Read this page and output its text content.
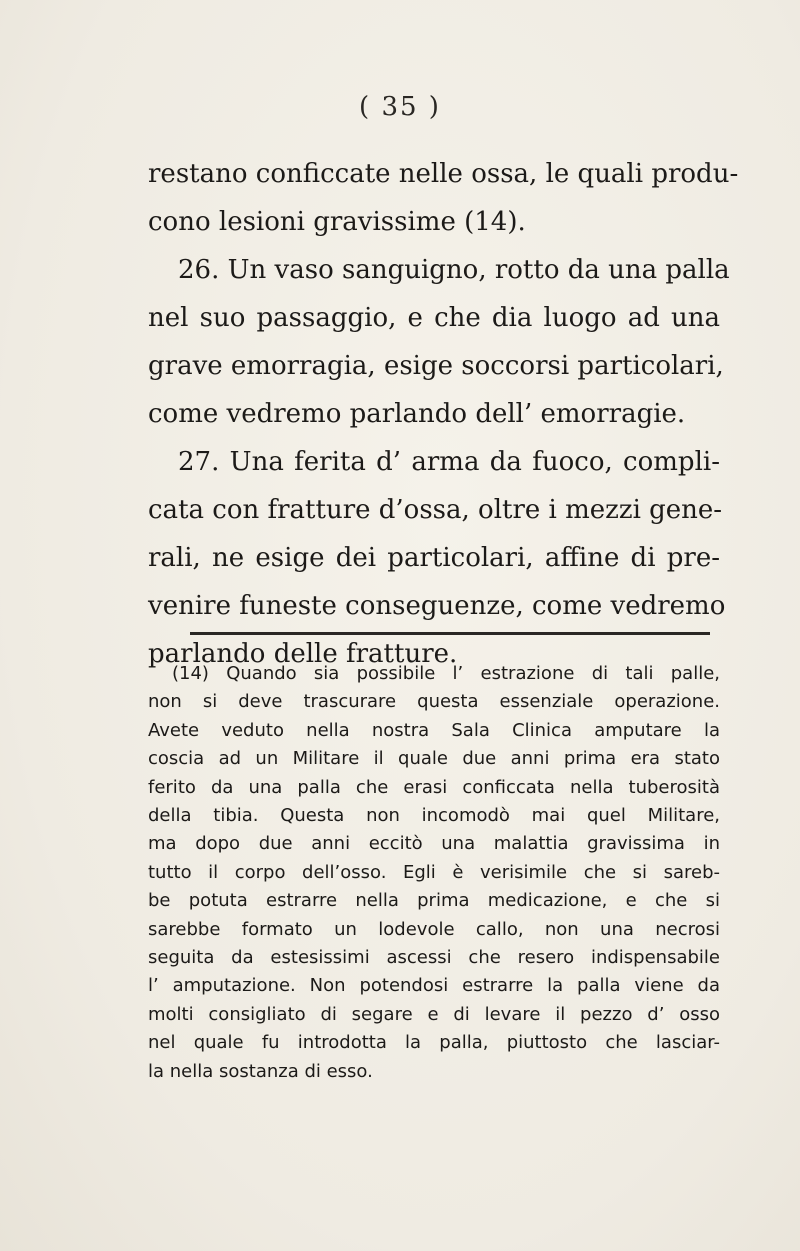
( 35 )
restano conficcate nelle ossa, le quali produ-
cono lesioni gravissime (14).
26. Un vaso sanguigno, rotto da una palla
nel suo passaggio, e che dia luogo ad una
grave emorragia, esige soccorsi particolari,
come vedremo parlando dell’ emorragie.
27. Una ferita d’ arma da fuoco, compli-
cata con fratture d’ossa, oltre i mezzi gene-
rali, ne esige dei particolari, affine di pre-
venire funeste conseguenze, come vedremo
parlando delle fratture.
(14) Quando sia possibile l’ estrazione di tali palle,
non si deve trascurare questa essenziale operazione.
Avete veduto nella nostra Sala Clinica amputare la
coscia ad un Militare il quale due anni prima era stato
ferito da una palla che erasi conficcata nella tuberosità
della tibia. Questa non incomodò mai quel Militare,
ma dopo due anni eccitò una malattia gravissima in
tutto il corpo dell’osso. Egli è verisimile che si sareb-
be potuta estrarre nella prima medicazione, e che si
sarebbe formato un lodevole callo, non una necrosi
seguita da estesissimi ascessi che resero indispensabile
l’ amputazione. Non potendosi estrarre la palla viene da
molti consigliato di segare e di levare il pezzo d’ osso
nel quale fu introdotta la palla, piuttosto che lasciar-
la nella sostanza di esso.
